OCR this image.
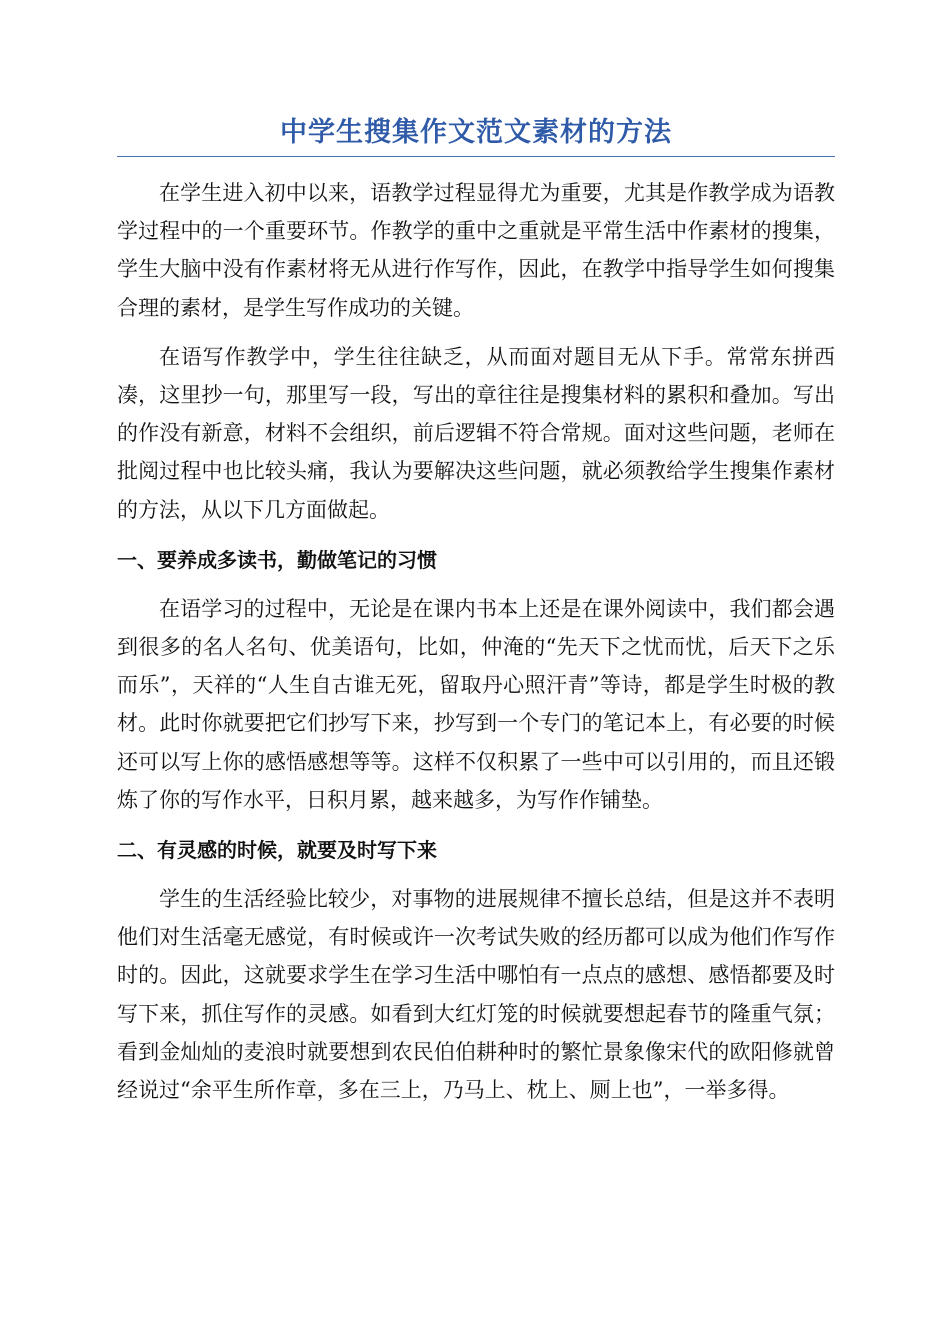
中学生搜集作文范文素材的方法

在学生进入初中以来，语教学过程显得尤为重要，尤其是作教学成为语教学过程中的一个重要环节。作教学的重中之重就是平常生活中作素材的搜集，学生大脑中没有作素材将无从进行作写作，因此，在教学中指导学生如何搜集合理的素材，是学生写作成功的关键。

在语写作教学中，学生往往缺乏，从而面对题目无从下手。常常东拼西凑，这里抄一句，那里写一段，写出的章往往是搜集材料的累积和叠加。写出的作没有新意，材料不会组织，前后逻辑不符合常规。面对这些问题，老师在批阅过程中也比较头痛，我认为要解决这些问题，就必须教给学生搜集作素材的方法，从以下几方面做起。

一、要养成多读书，勤做笔记的习惯

在语学习的过程中，无论是在课内书本上还是在课外阅读中，我们都会遇到很多的名人名句、优美语句，比如，仲淹的“先天下之忧而忧，后天下之乐而乐”，天祥的“人生自古谁无死，留取丹心照汗青”等诗，都是学生时极的教材。此时你就要把它们抄写下来，抄写到一个专门的笔记本上，有必要的时候还可以写上你的感悟感想等等。这样不仅积累了一些中可以引用的，而且还锻炼了你的写作水平，日积月累，越来越多，为写作作铺垫。

二、有灵感的时候，就要及时写下来

学生的生活经验比较少，对事物的进展规律不擅长总结，但是这并不表明他们对生活毫无感觉，有时候或许一次考试失败的经历都可以成为他们作写作时的。因此，这就要求学生在学习生活中哪怕有一点点的感想、感悟都要及时写下来，抓住写作的灵感。如看到大红灯笼的时候就要想起春节的隆重气氛；看到金灿灿的麦浪时就要想到农民伯伯耕种时的繁忙景象像宋代的欧阳修就曾经说过“余平生所作章，多在三上，乃马上、枕上、厕上也”，一举多得。
